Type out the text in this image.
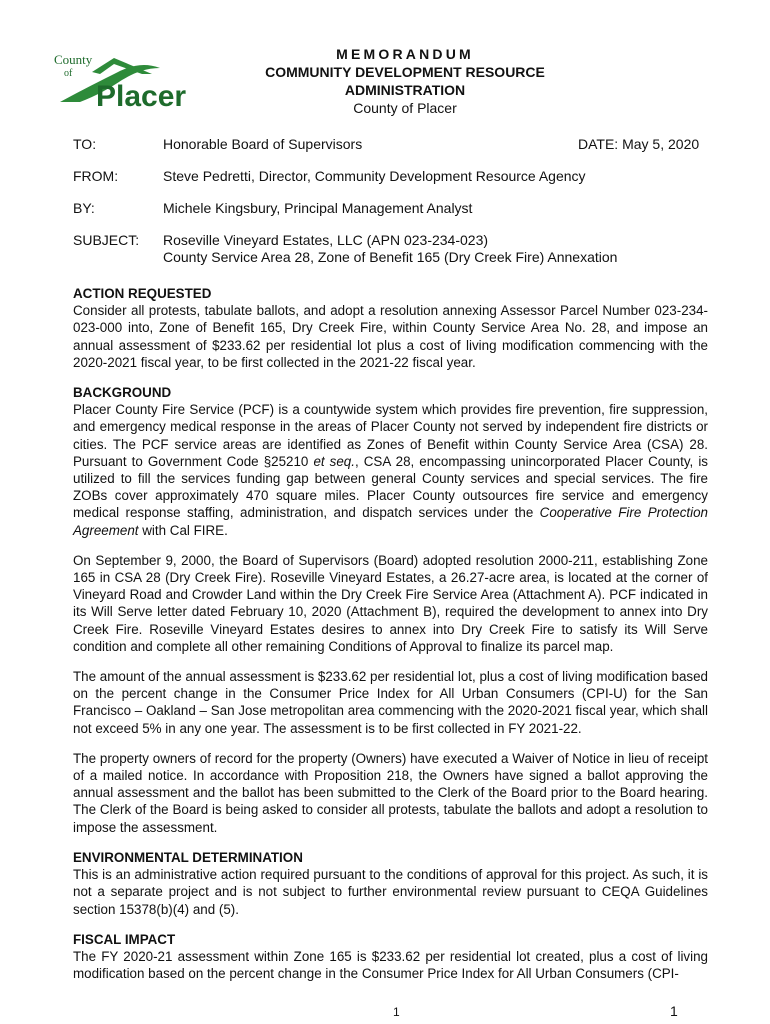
County
of
Placer
MEMORANDUM
COMMUNITY DEVELOPMENT RESOURCE
ADMINISTRATION
County of Placer
TO:	Honorable Board of Supervisors	DATE: May 5, 2020
FROM:	Steve Pedretti, Director, Community Development Resource Agency
BY:	Michele Kingsbury, Principal Management Analyst
SUBJECT: Roseville Vineyard Estates, LLC (APN 023-234-023)
County Service Area 28, Zone of Benefit 165 (Dry Creek Fire) Annexation
ACTION REQUESTED

Consider all protests, tabulate ballots, and adopt a resolution annexing Assessor Parcel Number 023-234-023-000 into, Zone of Benefit 165, Dry Creek Fire, within County Service Area No. 28, and impose an annual assessment of $233.62 per residential lot plus a cost of living modification commencing with the 2020-2021 fiscal year, to be first collected in the 2021-22 fiscal year.

BACKGROUND

Placer County Fire Service (PCF) is a countywide system which provides fire prevention, fire suppression, and emergency medical response in the areas of Placer County not served by independent fire districts or cities. The PCF service areas are identified as Zones of Benefit within County Service Area (CSA) 28. Pursuant to Government Code §25210 et seq., CSA 28, encompassing unincorporated Placer County, is utilized to fill the services funding gap between general County services and special services. The fire ZOBs cover approximately 470 square miles. Placer County outsources fire service and emergency medical response staffing, administration, and dispatch services under the Cooperative Fire Protection Agreement with Cal FIRE.

On September 9, 2000, the Board of Supervisors (Board) adopted resolution 2000-211, establishing Zone 165 in CSA 28 (Dry Creek Fire). Roseville Vineyard Estates, a 26.27-acre area, is located at the corner of Vineyard Road and Crowder Land within the Dry Creek Fire Service Area (Attachment A). PCF indicated in its Will Serve letter dated February 10, 2020 (Attachment B), required the development to annex into Dry Creek Fire. Roseville Vineyard Estates desires to annex into Dry Creek Fire to satisfy its Will Serve condition and complete all other remaining Conditions of Approval to finalize its parcel map.

The amount of the annual assessment is $233.62 per residential lot, plus a cost of living modification based on the percent change in the Consumer Price Index for All Urban Consumers (CPI-U) for the San Francisco – Oakland – San Jose metropolitan area commencing with the 2020-2021 fiscal year, which shall not exceed 5% in any one year. The assessment is to be first collected in FY 2021-22.

The property owners of record for the property (Owners) have executed a Waiver of Notice in lieu of receipt of a mailed notice. In accordance with Proposition 218, the Owners have signed a ballot approving the annual assessment and the ballot has been submitted to the Clerk of the Board prior to the Board hearing. The Clerk of the Board is being asked to consider all protests, tabulate the ballots and adopt a resolution to impose the assessment.

ENVIRONMENTAL DETERMINATION

This is an administrative action required pursuant to the conditions of approval for this project. As such, it is not a separate project and is not subject to further environmental review pursuant to CEQA Guidelines section 15378(b)(4) and (5).

FISCAL IMPACT

The FY 2020-21 assessment within Zone 165 is $233.62 per residential lot created, plus a cost of living modification based on the percent change in the Consumer Price Index for All Urban Consumers (CPI-

1	1
